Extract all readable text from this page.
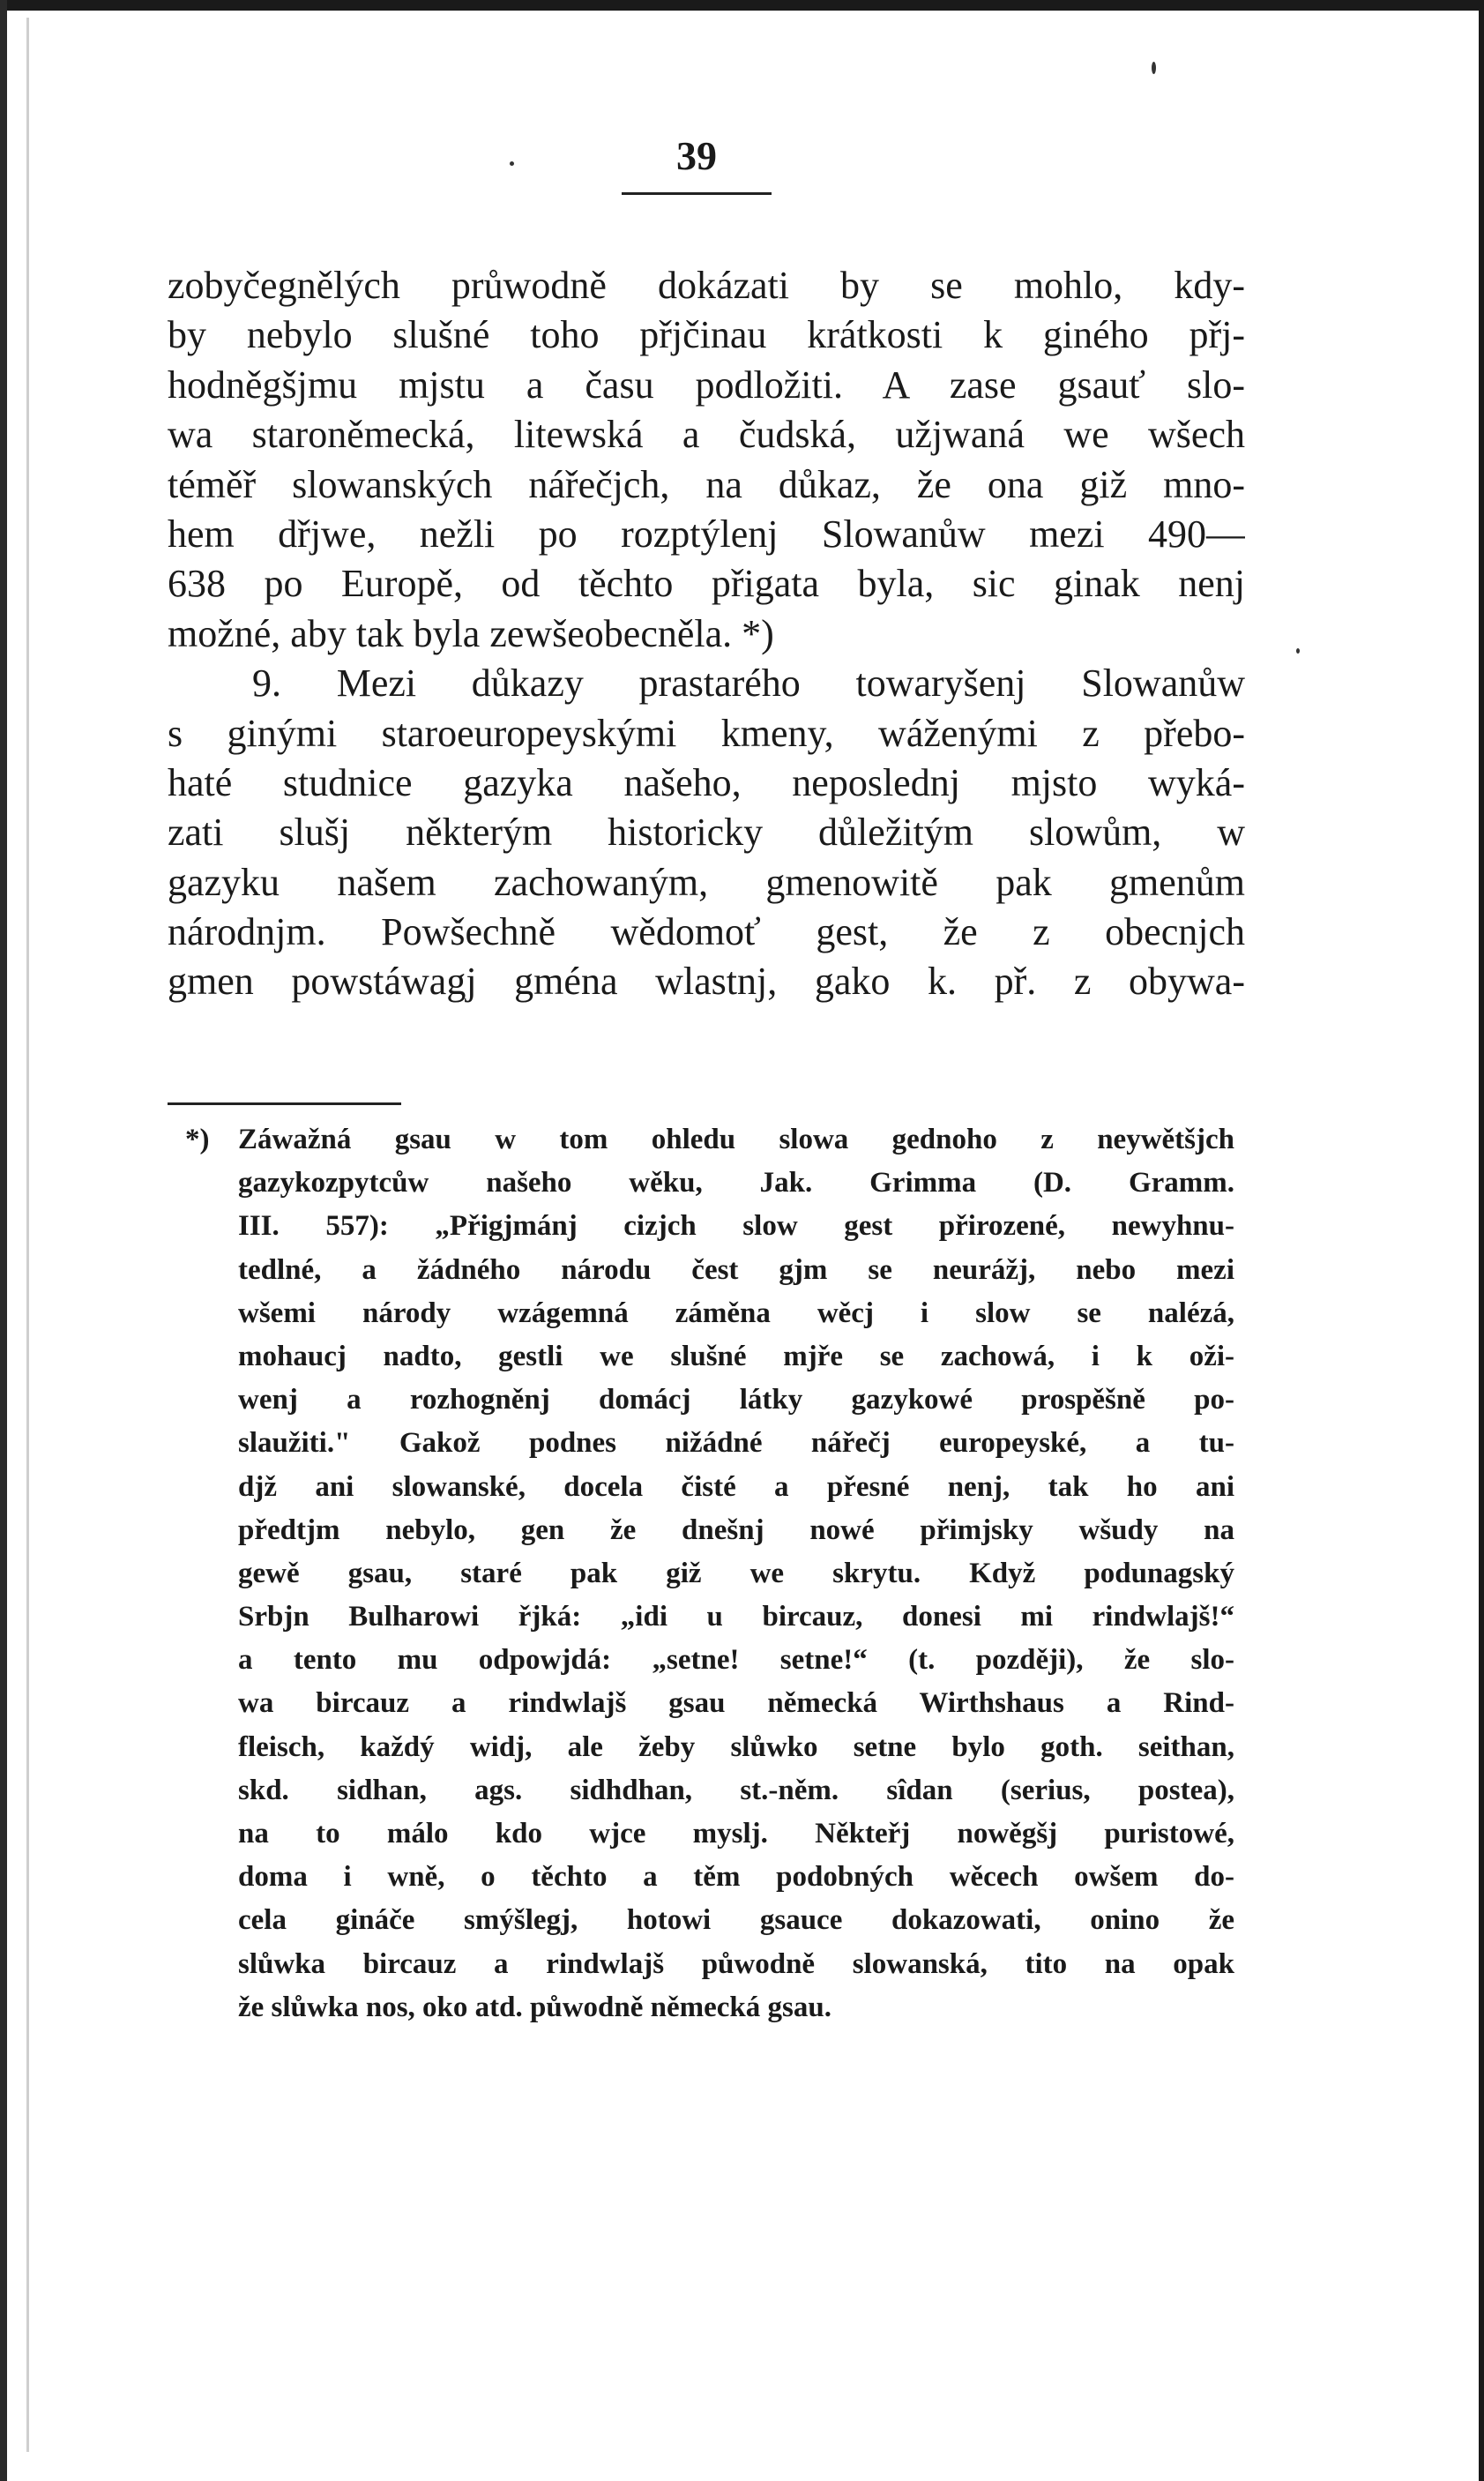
39
zobyčegnělých průwodně dokázati by se mohlo, kdy-
by nebylo slušné toho přjčinau krátkosti k giného přj-
hodněgšjmu mjstu a času podložiti. A zase gsauť slo-
wa staroněmecká, litewská a čudská, užjwaná we wšech
téměř slowanských nářečjch, na důkaz, že ona giž mno-
hem dřjwe, nežli po rozptýlenj Slowanůw mezi 490—
638 po Europě, od těchto přigata byla, sic ginak nenj
možné, aby tak byla zewšeobecněla. *)
9. Mezi důkazy prastarého towaryšenj Slowanůw
s ginými staroeuropeyskými kmeny, wáženými z přebo-
haté studnice gazyka našeho, neposlednj mjsto wyká-
zati slušj některým historicky důležitým slowům, w
gazyku našem zachowaným, gmenowitě pak gmenům
národnjm. Powšechně wědomoť gest, že z obecnjch
gmen powstáwagj gména wlastnj, gako k. př. z obywa-
*) Záwažná gsau w tom ohledu slowa gednoho z neywětšjch
gazykozpytcůw našeho wěku, Jak. Grimma (D. Gramm.
III. 557): „Přigjmánj cizjch slow gest přirozené, newyhnu-
tedlné, a žádného národu čest gjm se neurážj, nebo mezi
wšemi národy wzágemná záměna wěcj i slow se nalézá,
mohaucj nadto, gestli we slušné mjře se zachowá, i k oži-
wenj a rozhogněnj domácj látky gazykowé prospěšně po-
slaužiti." Gakož podnes nižádné nářečj europeyské, a tu-
djž ani slowanské, docela čisté a přesné nenj, tak ho ani
předtjm nebylo, gen že dnešnj nowé přimjsky wšudy na
gewě gsau, staré pak giž we skrytu. Když podunagský
Srbjn Bulharowi řjká: „idi u bircauz, donesi mi rindwlajš!“
a tento mu odpowjdá: „setne! setne!“ (t. později), že slo-
wa bircauz a rindwlajš gsau německá Wirthshaus a Rind-
fleisch, každý widj, ale žeby slůwko setne bylo goth. seithan,
skd. sidhan, ags. sidhdhan, st.-něm. sîdan (serius, postea),
na to málo kdo wjce myslj. Někteřj nowěgšj puristowé,
doma i wně, o těchto a těm podobných wěcech owšem do-
cela gináče smýšlegj, hotowi gsauce dokazowati, onino že
slůwka bircauz a rindwlajš půwodně slowanská, tito na opak
že slůwka nos, oko atd. půwodně německá gsau.
